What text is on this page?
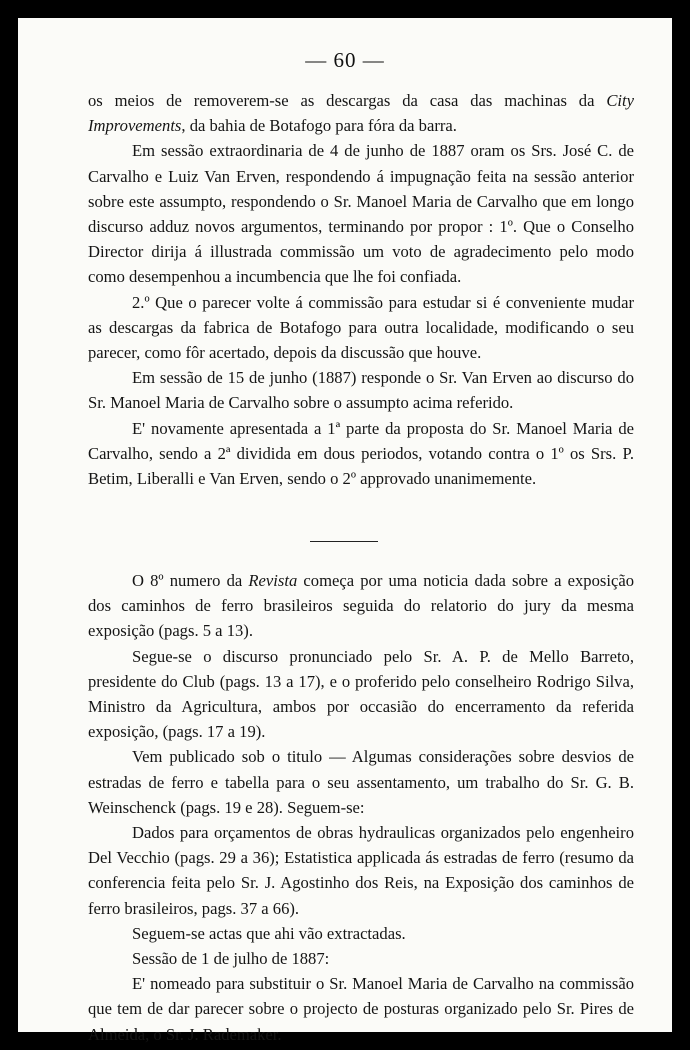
— 60 —

os meios de removerem-se as descargas da casa das machinas da City Improvements, da bahia de Botafogo para fóra da barra.

Em sessão extraordinaria de 4 de junho de 1887 oram os Srs. José C. de Carvalho e Luiz Van Erven, respondendo á impugnação feita na sessão anterior sobre este assumpto, respondendo o Sr. Manoel Maria de Carvalho que em longo discurso adduz novos argumentos, terminando por propor : 1º. Que o Conselho Director dirija á illustrada commissão um voto de agradecimento pelo modo como desempenhou a incumbencia que lhe foi confiada.

2.º Que o parecer volte á commissão para estudar si é conveniente mudar as descargas da fabrica de Botafogo para outra localidade, modificando o seu parecer, como fôr acertado, depois da discussão que houve.

Em sessão de 15 de junho (1887) responde o Sr. Van Erven ao discurso do Sr. Manoel Maria de Carvalho sobre o assumpto acima referido.

E' novamente apresentada a 1ª parte da proposta do Sr. Manoel Maria de Carvalho, sendo a 2ª dividida em dous periodos, votando contra o 1º os Srs. P. Betim, Liberalli e Van Erven, sendo o 2º approvado unanimemente.

O 8º numero da Revista começa por uma noticia dada sobre a exposição dos caminhos de ferro brasileiros seguida do relatorio do jury da mesma exposição (pags. 5 a 13).

Segue-se o discurso pronunciado pelo Sr. A. P. de Mello Barreto, presidente do Club (pags. 13 a 17), e o proferido pelo conselheiro Rodrigo Silva, Ministro da Agricultura, ambos por occasião do encerramento da referida exposição, (pags. 17 a 19).

Vem publicado sob o titulo — Algumas considerações sobre desvios de estradas de ferro e tabella para o seu assentamento, um trabalho do Sr. G. B. Weinschenck (pags. 19 e 28). Seguem-se:

Dados para orçamentos de obras hydraulicas organizados pelo engenheiro Del Vecchio (pags. 29 a 36); Estatistica applicada ás estradas de ferro (resumo da conferencia feita pelo Sr. J. Agostinho dos Reis, na Exposição dos caminhos de ferro brasileiros, pags. 37 a 66).

Seguem-se actas que ahi vão extractadas.

Sessão de 1 de julho de 1887:

E' nomeado para substituir o Sr. Manoel Maria de Carvalho na commissão que tem de dar parecer sobre o projecto de posturas organizado pelo Sr. Pires de Almeida, o Sr. J. Rademaker.
